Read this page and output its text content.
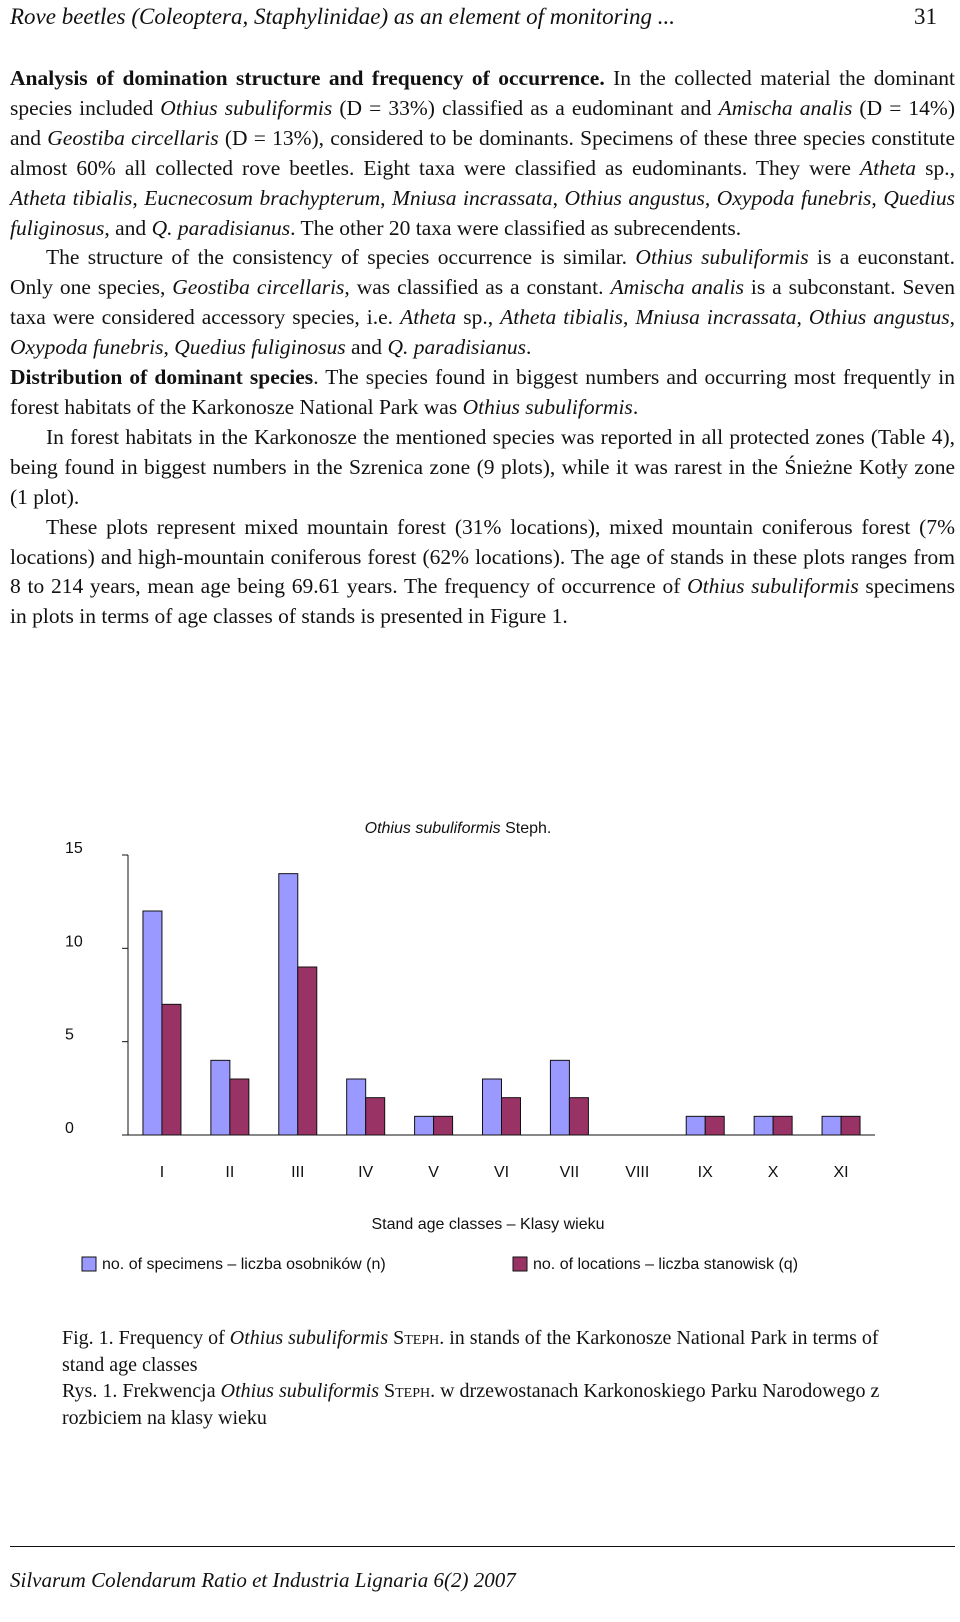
Rove beetles (Coleoptera, Staphylinidae) as an element of monitoring ...	31

Analysis of domination structure and frequency of occurrence. In the collected material the dominant species included Othius subuliformis (D = 33%) classified as a eudominant and Amischa analis (D = 14%) and Geostiba circellaris (D = 13%), considered to be dominants. Specimens of these three species constitute almost 60% all collected rove beetles. Eight taxa were classified as eudominants. They were Atheta sp., Atheta tibialis, Eucnecosum brachypterum, Mniusa incrassata, Othius angustus, Oxypoda funebris, Quedius fuliginosus, and Q. paradisianus. The other 20 taxa were classified as subrecendents.

The structure of the consistency of species occurrence is similar. Othius subuliformis is a euconstant. Only one species, Geostiba circellaris, was classified as a constant. Amischa analis is a subconstant. Seven taxa were considered accessory species, i.e. Atheta sp., Atheta tibialis, Mniusa incrassata, Othius angustus, Oxypoda funebris, Quedius fuliginosus and Q. paradisianus.

Distribution of dominant species. The species found in biggest numbers and occurring most frequently in forest habitats of the Karkonosze National Park was Othius subuliformis.

In forest habitats in the Karkonosze the mentioned species was reported in all protected zones (Table 4), being found in biggest numbers in the Szrenica zone (9 plots), while it was rarest in the Śnieżne Kotły zone (1 plot).

These plots represent mixed mountain forest (31% locations), mixed mountain coniferous forest (7% locations) and high-mountain coniferous forest (62% locations). The age of stands in these plots ranges from 8 to 214 years, mean age being 69.61 years. The frequency of occurrence of Othius subuliformis specimens in plots in terms of age classes of stands is presented in Figure 1.

Othius subuliformis Steph.
0
5
10
15
I	II	III	IV	V	VI	VII	VIII	IX	X	XI
Stand age classes – Klasy wieku
no. of specimens – liczba osobników (n)	no. of locations – liczba stanowisk (q)
Fig. 1. Frequency of Othius subuliformis Steph. in stands of the Karkonosze National Park in terms of stand age classes
Rys. 1. Frekwencja Othius subuliformis Steph. w drzewostanach Karkonoskiego Parku Narodowego z rozbiciem na klasy wieku
Silvarum Colendarum Ratio et Industria Lignaria 6(2) 2007
